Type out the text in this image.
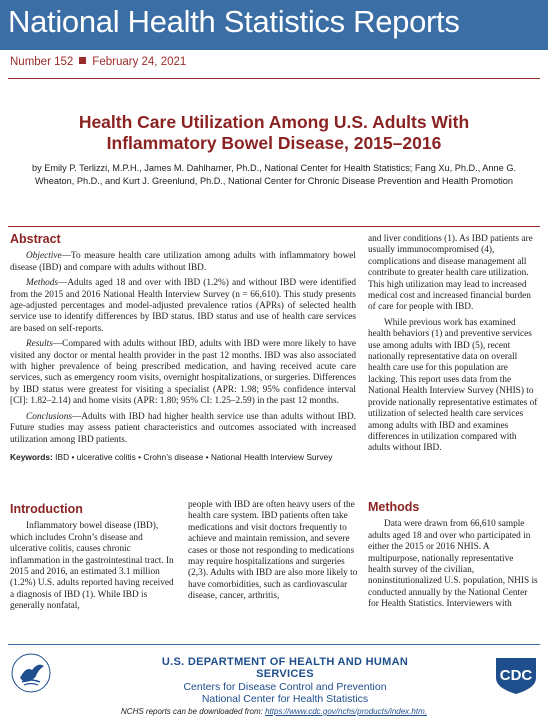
National Health Statistics Reports
Number 152 February 24, 2021
Health Care Utilization Among U.S. Adults With
Inflammatory Bowel Disease, 2015–2016
by Emily P. Terlizzi, M.P.H., James M. Dahlhamer, Ph.D., National Center for Health Statistics; Fang Xu, Ph.D., Anne G.
Wheaton, Ph.D., and Kurt J. Greenlund, Ph.D., National Center for Chronic Disease Prevention and Health Promotion
Abstract

Objective—To measure health care utilization among adults with inflammatory bowel disease (IBD) and compare with adults without IBD.

Methods—Adults aged 18 and over with IBD (1.2%) and without IBD were identified from the 2015 and 2016 National Health Interview Survey (n = 66,610). This study presents age-adjusted percentages and model-adjusted prevalence ratios (APRs) of selected health service use to identify differences by IBD status. IBD status and use of health care services are based on self-reports.

Results—Compared with adults without IBD, adults with IBD were more likely to have visited any doctor or mental health provider in the past 12 months. IBD was also associated with higher prevalence of being prescribed medication, and having received acute care services, such as emergency room visits, overnight hospitalizations, or surgeries. Differences by IBD status were greatest for visiting a specialist (APR: 1.98; 95% confidence interval [CI]: 1.82–2.14) and home visits (APR: 1.80; 95% CI: 1.25–2.59) in the past 12 months.

Conclusions—Adults with IBD had higher health service use than adults without IBD. Future studies may assess patient characteristics and outcomes associated with increased utilization among IBD patients.

Keywords: IBD • ulcerative colitis • Crohn’s disease • National Health Interview Survey

and liver conditions (1). As IBD patients are usually immunocompromised (4), complications and disease management all contribute to greater health care utilization. This high utilization may lead to increased medical cost and increased financial burden of care for people with IBD.

While previous work has examined health behaviors (1) and preventive services use among adults with IBD (5), recent nationally representative data on overall health care use for this population are lacking. This report uses data from the National Health Interview Survey (NHIS) to provide nationally representative estimates of utilization of selected health care services among adults with IBD and examines differences in utilization compared with adults without IBD.

Introduction

Inflammatory bowel disease (IBD), which includes Crohn’s disease and ulcerative colitis, causes chronic inflammation in the gastrointestinal tract. In 2015 and 2016, an estimated 3.1 million (1.2%) U.S. adults reported having received a diagnosis of IBD (1). While IBD is generally nonfatal,

people with IBD are often heavy users of the health care system. IBD patients often take medications and visit doctors frequently to achieve and maintain remission, and severe cases or those not responding to medications may require hospitalizations and surgeries (2,3). Adults with IBD are also more likely to have comorbidities, such as cardiovascular disease, cancer, arthritis,

Methods

Data were drawn from 66,610 sample adults aged 18 and over who participated in either the 2015 or 2016 NHIS. A multipurpose, nationally representative health survey of the civilian, noninstitutionalized U.S. population, NHIS is conducted annually by the National Center for Health Statistics. Interviewers with

U.S. DEPARTMENT OF HEALTH AND HUMAN SERVICES
Centers for Disease Control and Prevention
National Center for Health Statistics
CDC
NCHS reports can be downloaded from: https://www.cdc.gov/nchs/products/index.htm.
